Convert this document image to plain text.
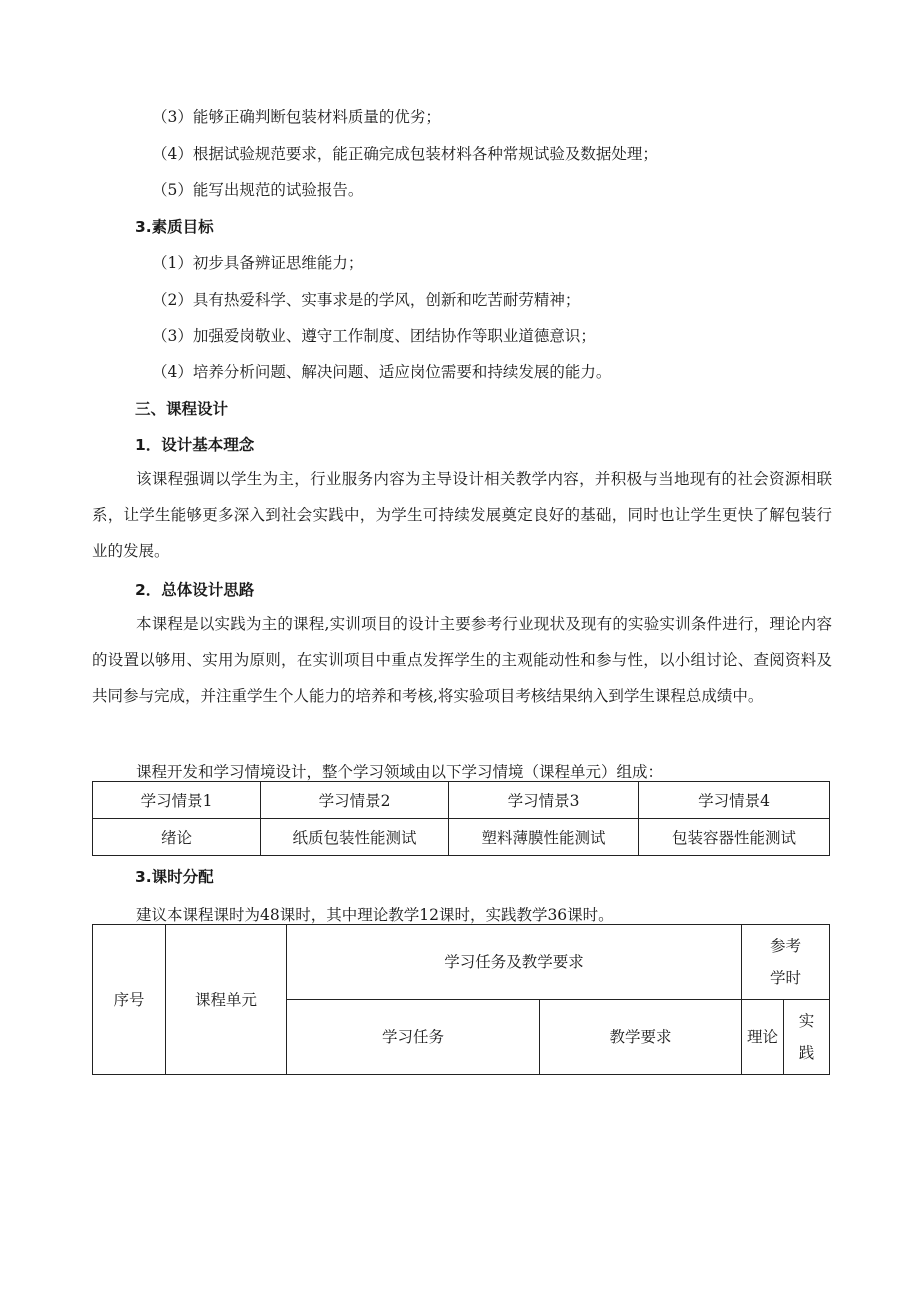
（3）能够正确判断包装材料质量的优劣；
（4）根据试验规范要求，能正确完成包装材料各种常规试验及数据处理；
（5）能写出规范的试验报告。
3.素质目标
（1）初步具备辨证思维能力；
（2）具有热爱科学、实事求是的学风，创新和吃苦耐劳精神；
（3）加强爱岗敬业、遵守工作制度、团结协作等职业道德意识；
（4）培养分析问题、解决问题、适应岗位需要和持续发展的能力。
三、课程设计
1．设计基本理念
该课程强调以学生为主，行业服务内容为主导设计相关教学内容，并积极与当地现有的社会资源相联系，让学生能够更多深入到社会实践中，为学生可持续发展奠定良好的基础，同时也让学生更快了解包装行业的发展。
2．总体设计思路
本课程是以实践为主的课程,实训项目的设计主要参考行业现状及现有的实验实训条件进行，理论内容的设置以够用、实用为原则，在实训项目中重点发挥学生的主观能动性和参与性，以小组讨论、查阅资料及共同参与完成，并注重学生个人能力的培养和考核,将实验项目考核结果纳入到学生课程总成绩中。
课程开发和学习情境设计，整个学习领域由以下学习情境（课程单元）组成：
学习情景1	学习情景2	学习情景3	学习情景4
绪论	纸质包装性能测试	塑料薄膜性能测试	包装容器性能测试
3.课时分配
建议本课程课时为48课时，其中理论教学12课时，实践教学36课时。
序号	课程单元	学习任务及教学要求		参考
学时	

		学习任务	教学要求	理论	实
践
